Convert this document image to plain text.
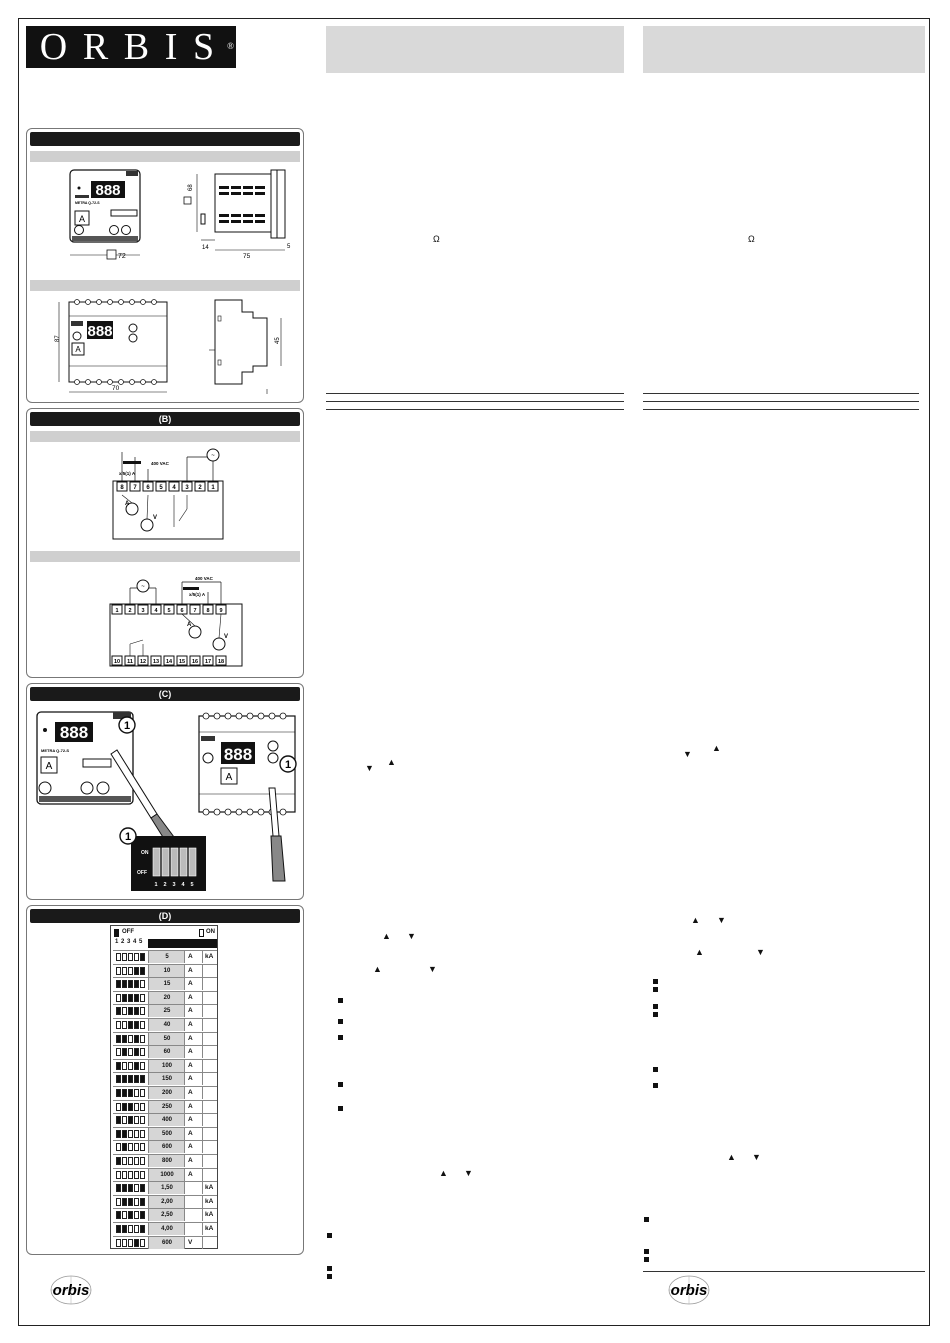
O R B I S ®
Ω	Ω
▼
▲
▲ ▼
▲	▼
▲ ▼
▲
▼
▲ ▼
▲	▼
▲ ▼
orbis	orbis
888
A
METRA Q-72-S
72
68
14
75
5
888
A
87
70
45
(B)
8 7 6 5 4 3 2 1
400 VAC
x/5(1) A
~
A
V
1 2 3 4 5 6 7 8 9
10 11 12 13 14 15 16 17 18
400 VAC
x/5(1) A
~
A
V
(C)
888
METRA Q-72-S
A
1
ON
OFF
1 2 3 4 5
1
888
A
1
(D)
OFF	ON
1 2 3 4 5
5	A	kA
10	A
15	A
20	A
25	A
40	A
50	A
60	A
100	A
150	A
200	A
250	A
400	A
500	A
600	A
800	A
1000	A
1,50	kA
2,00	kA
2,50	kA
4,00	kA
600	V
